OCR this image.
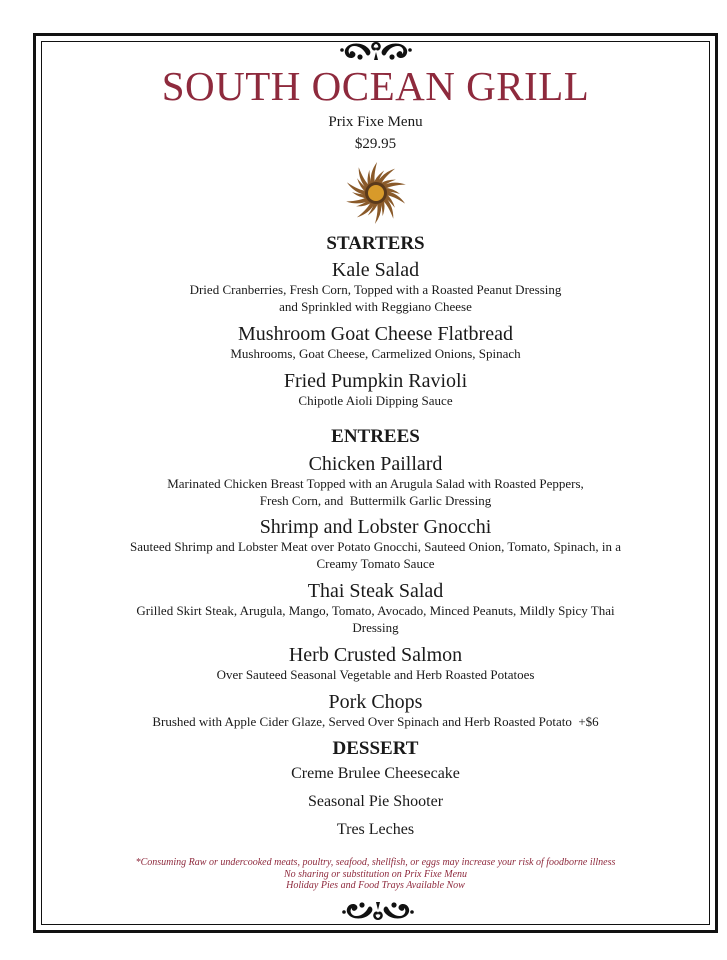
SOUTH OCEAN GRILL
Prix Fixe Menu
$29.95
STARTERS
Kale Salad
Dried Cranberries, Fresh Corn, Topped with a Roasted Peanut Dressing
and Sprinkled with Reggiano Cheese
Mushroom Goat Cheese Flatbread
Mushrooms, Goat Cheese, Carmelized Onions, Spinach
Fried Pumpkin Ravioli
Chipotle Aioli Dipping Sauce
ENTREES
Chicken Paillard
Marinated Chicken Breast Topped with an Arugula Salad with Roasted Peppers,
Fresh Corn, and  Buttermilk Garlic Dressing
Shrimp and Lobster Gnocchi
Sauteed Shrimp and Lobster Meat over Potato Gnocchi, Sauteed Onion, Tomato, Spinach, in a
Creamy Tomato Sauce
Thai Steak Salad
Grilled Skirt Steak, Arugula, Mango, Tomato, Avocado, Minced Peanuts, Mildly Spicy Thai
Dressing
Herb Crusted Salmon
Over Sauteed Seasonal Vegetable and Herb Roasted Potatoes
Pork Chops
Brushed with Apple Cider Glaze, Served Over Spinach and Herb Roasted Potato  +$6
DESSERT
Creme Brulee Cheesecake
Seasonal Pie Shooter
Tres Leches
*Consuming Raw or undercooked meats, poultry, seafood, shellfish, or eggs may increase your risk of foodborne illness
No sharing or substitution on Prix Fixe Menu
Holiday Pies and Food Trays Available Now
